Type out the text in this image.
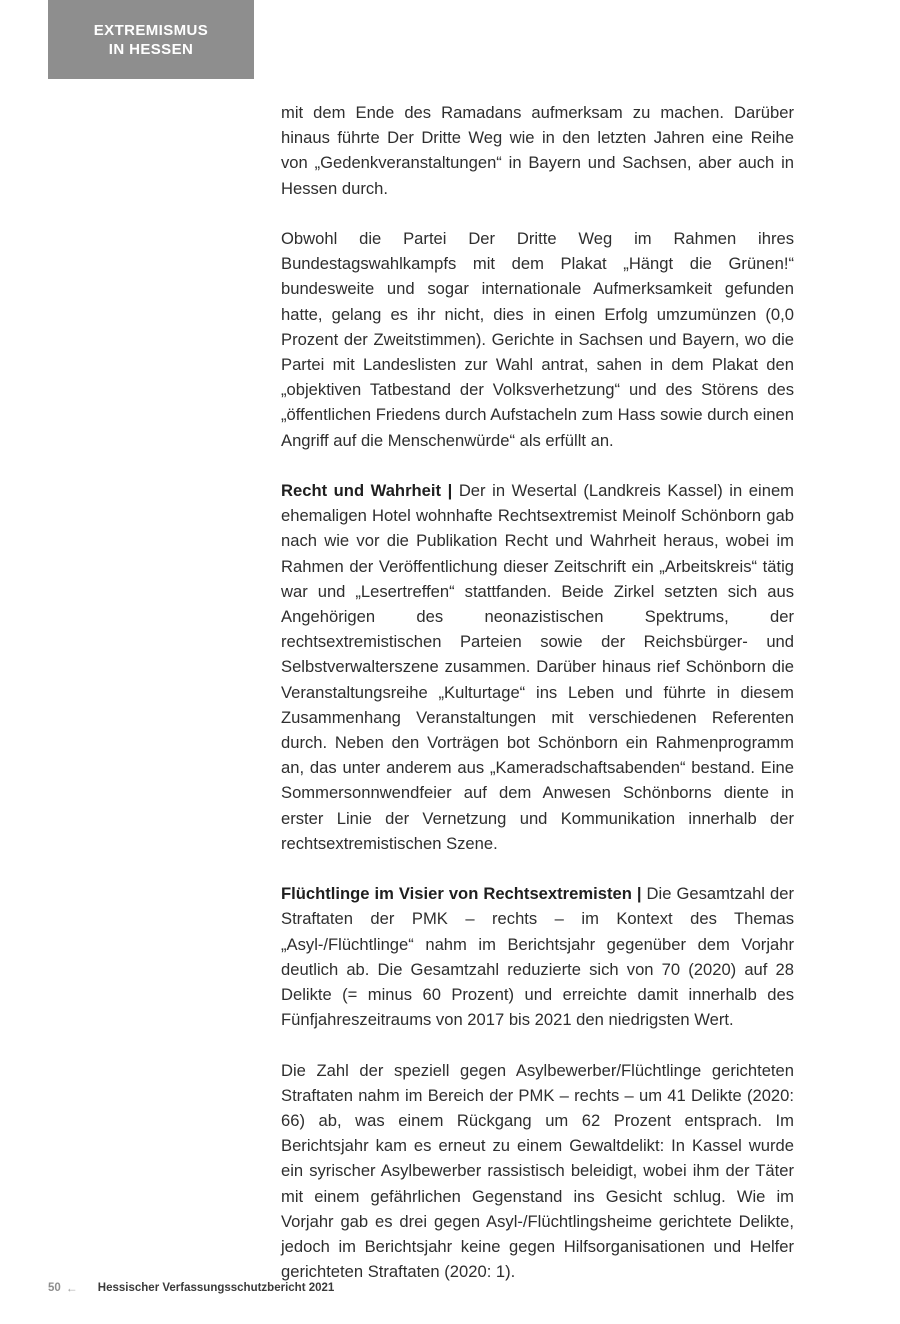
EXTREMISMUS
IN HESSEN

mit dem Ende des Ramadans aufmerksam zu machen. Darüber hinaus führte Der Dritte Weg wie in den letzten Jahren eine Reihe von „Gedenkveranstaltungen“ in Bayern und Sachsen, aber auch in Hessen durch.

Obwohl die Partei Der Dritte Weg im Rahmen ihres Bundestagswahlkampfs mit dem Plakat „Hängt die Grünen!“ bundesweite und sogar internationale Aufmerksamkeit gefunden hatte, gelang es ihr nicht, dies in einen Erfolg umzumünzen (0,0 Prozent der Zweitstimmen). Gerichte in Sachsen und Bayern, wo die Partei mit Landeslisten zur Wahl antrat, sahen in dem Plakat den „objektiven Tatbestand der Volksverhetzung“ und des Störens des „öffentlichen Friedens durch Aufstacheln zum Hass sowie durch einen Angriff auf die Menschenwürde“ als erfüllt an.

Recht und Wahrheit | Der in Wesertal (Landkreis Kassel) in einem ehemaligen Hotel wohnhafte Rechtsextremist Meinolf Schönborn gab nach wie vor die Publikation Recht und Wahrheit heraus, wobei im Rahmen der Veröffentlichung dieser Zeitschrift ein „Arbeitskreis“ tätig war und „Lesertreffen“ stattfanden. Beide Zirkel setzten sich aus Angehörigen des neonazistischen Spektrums, der rechtsextremistischen Parteien sowie der Reichsbürger- und Selbstverwalterszene zusammen. Darüber hinaus rief Schönborn die Veranstaltungsreihe „Kulturtage“ ins Leben und führte in diesem Zusammenhang Veranstaltungen mit verschiedenen Referenten durch. Neben den Vorträgen bot Schönborn ein Rahmenprogramm an, das unter anderem aus „Kameradschaftsabenden“ bestand. Eine Sommersonnwendfeier auf dem Anwesen Schönborns diente in erster Linie der Vernetzung und Kommunikation innerhalb der rechtsextremistischen Szene.

Flüchtlinge im Visier von Rechtsextremisten | Die Gesamtzahl der Straftaten der PMK – rechts – im Kontext des Themas „Asyl-/Flüchtlinge“ nahm im Berichtsjahr gegenüber dem Vorjahr deutlich ab. Die Gesamtzahl reduzierte sich von 70 (2020) auf 28 Delikte (= minus 60 Prozent) und erreichte damit innerhalb des Fünfjahreszeitraums von 2017 bis 2021 den niedrigsten Wert.

Die Zahl der speziell gegen Asylbewerber/Flüchtlinge gerichteten Straftaten nahm im Bereich der PMK – rechts – um 41 Delikte (2020: 66) ab, was einem Rückgang um 62 Prozent entsprach. Im Berichtsjahr kam es erneut zu einem Gewaltdelikt: In Kassel wurde ein syrischer Asylbewerber rassistisch beleidigt, wobei ihm der Täter mit einem gefährlichen Gegenstand ins Gesicht schlug. Wie im Vorjahr gab es drei gegen Asyl-/Flüchtlingsheime gerichtete Delikte, jedoch im Berichtsjahr keine gegen Hilfsorganisationen und Helfer gerichteten Straftaten (2020: 1).

50 ← Hessischer Verfassungsschutzbericht 2021
